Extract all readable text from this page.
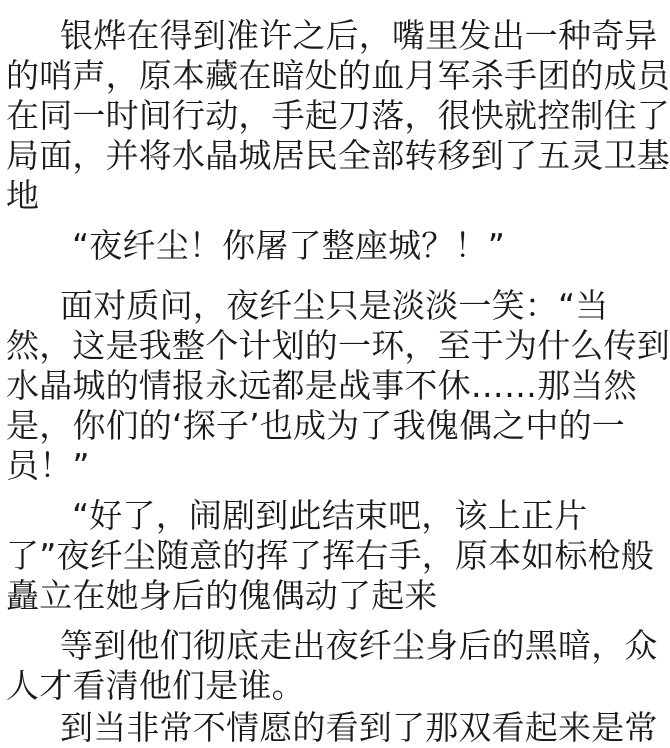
银烨在得到准许之后，嘴里发出一种奇异
的哨声，原本藏在暗处的血月军杀手团的成员
在同一时间行动，手起刀落，很快就控制住了
局面，并将水晶城居民全部转移到了五灵卫基
地
“夜纤尘！你屠了整座城？！”
面对质问，夜纤尘只是淡淡一笑：“当
然，这是我整个计划的一环，至于为什么传到
水晶城的情报永远都是战事不休……那当然
是，你们的‘探子’也成为了我傀偶之中的一
员！”
“好了，闹剧到此结束吧，该上正片
了”夜纤尘随意的挥了挥右手，原本如标枪般
矗立在她身后的傀偶动了起来
等到他们彻底走出夜纤尘身后的黑暗，众
人才看清他们是谁。
到当非常不情愿的看到了那双看起来是常
